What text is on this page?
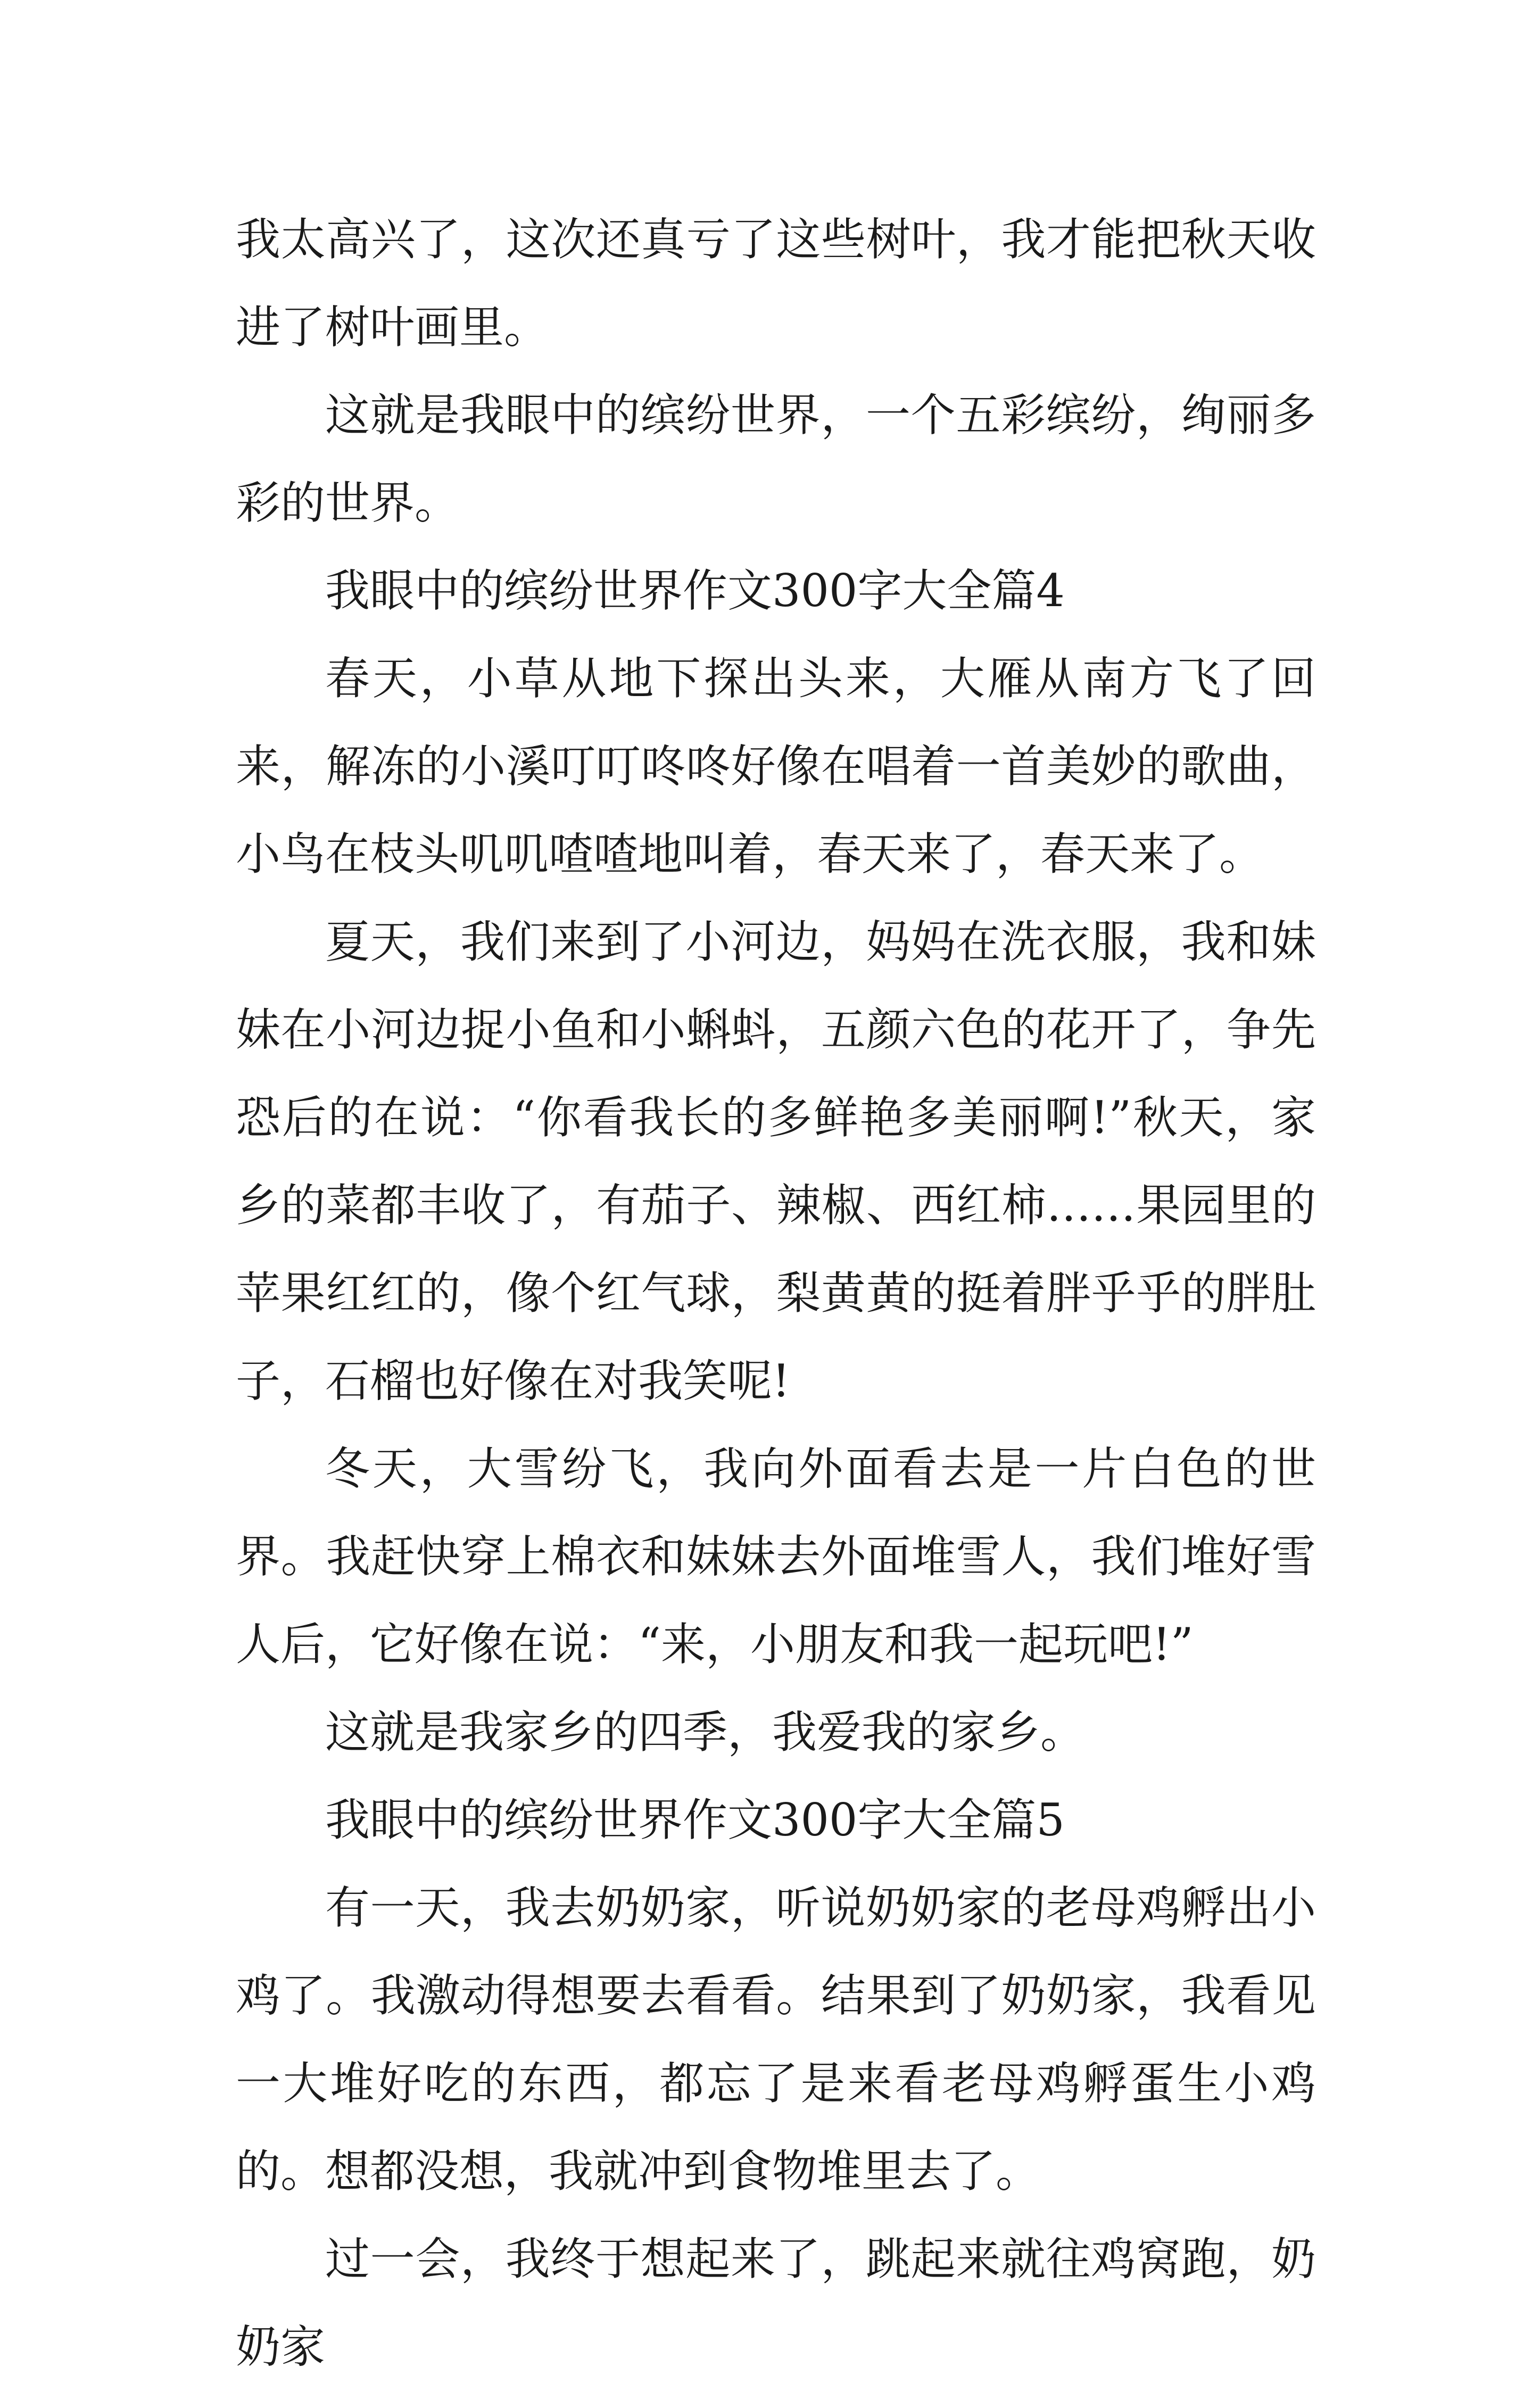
我太高兴了，这次还真亏了这些树叶，我才能把秋天收进了树叶画里。

这就是我眼中的缤纷世界，一个五彩缤纷，绚丽多彩的世界。

我眼中的缤纷世界作文300字大全篇4

春天，小草从地下探出头来，大雁从南方飞了回来，解冻的小溪叮叮咚咚好像在唱着一首美妙的歌曲，小鸟在枝头叽叽喳喳地叫着，春天来了，春天来了。

夏天，我们来到了小河边，妈妈在洗衣服，我和妹妹在小河边捉小鱼和小蝌蚪，五颜六色的花开了，争先恐后的在说：“你看我长的多鲜艳多美丽啊!”秋天，家乡的菜都丰收了，有茄子、辣椒、西红柿……果园里的苹果红红的，像个红气球，梨黄黄的挺着胖乎乎的胖肚子，石榴也好像在对我笑呢!

冬天，大雪纷飞，我向外面看去是一片白色的世界。我赶快穿上棉衣和妹妹去外面堆雪人，我们堆好雪人后，它好像在说：“来，小朋友和我一起玩吧!”

这就是我家乡的四季，我爱我的家乡。

我眼中的缤纷世界作文300字大全篇5

有一天，我去奶奶家，听说奶奶家的老母鸡孵出小鸡了。我激动得想要去看看。结果到了奶奶家，我看见一大堆好吃的东西，都忘了是来看老母鸡孵蛋生小鸡的。想都没想，我就冲到食物堆里去了。

过一会，我终于想起来了，跳起来就往鸡窝跑，奶奶家
